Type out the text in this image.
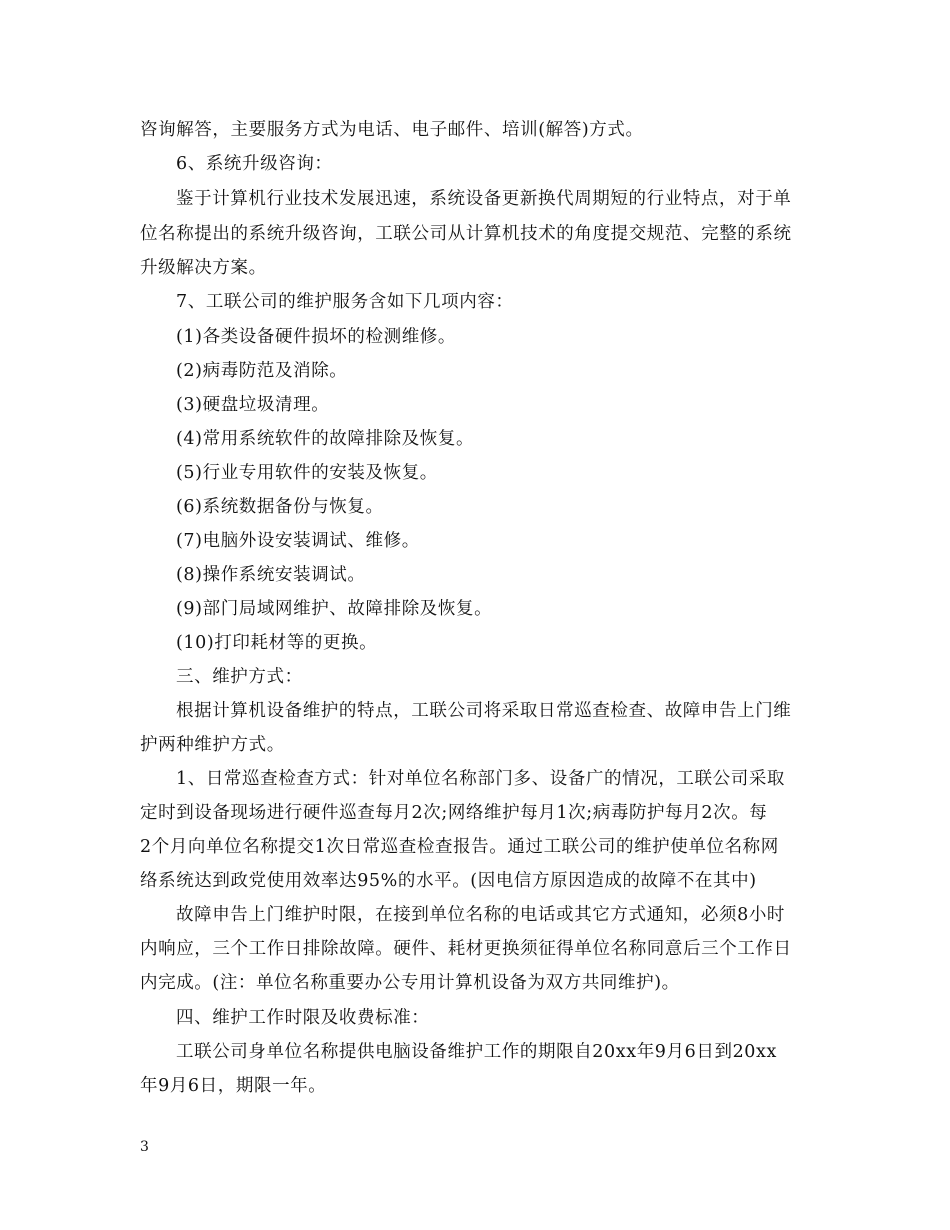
咨询解答，主要服务方式为电话、电子邮件、培训(解答)方式。
6、系统升级咨询：
鉴于计算机行业技术发展迅速，系统设备更新换代周期短的行业特点，对于单
位名称提出的系统升级咨询，工联公司从计算机技术的角度提交规范、完整的系统
升级解决方案。
7、工联公司的维护服务含如下几项内容：
(1)各类设备硬件损坏的检测维修。
(2)病毒防范及消除。
(3)硬盘垃圾清理。
(4)常用系统软件的故障排除及恢复。
(5)行业专用软件的安装及恢复。
(6)系统数据备份与恢复。
(7)电脑外设安装调试、维修。
(8)操作系统安装调试。
(9)部门局域网维护、故障排除及恢复。
(10)打印耗材等的更换。
三、维护方式：
根据计算机设备维护的特点，工联公司将采取日常巡查检查、故障申告上门维
护两种维护方式。
1、日常巡查检查方式：针对单位名称部门多、设备广的情况，工联公司采取
定时到设备现场进行硬件巡查每月2次;网络维护每月1次;病毒防护每月2次。每
2个月向单位名称提交1次日常巡查检查报告。通过工联公司的维护使单位名称网
络系统达到政党使用效率达95%的水平。(因电信方原因造成的故障不在其中)
故障申告上门维护时限，在接到单位名称的电话或其它方式通知，必须8小时
内响应，三个工作日排除故障。硬件、耗材更换须征得单位名称同意后三个工作日
内完成。(注：单位名称重要办公专用计算机设备为双方共同维护)。
四、维护工作时限及收费标准：
工联公司身单位名称提供电脑设备维护工作的期限自20xx年9月6日到20xx
年9月6日，期限一年。
3
